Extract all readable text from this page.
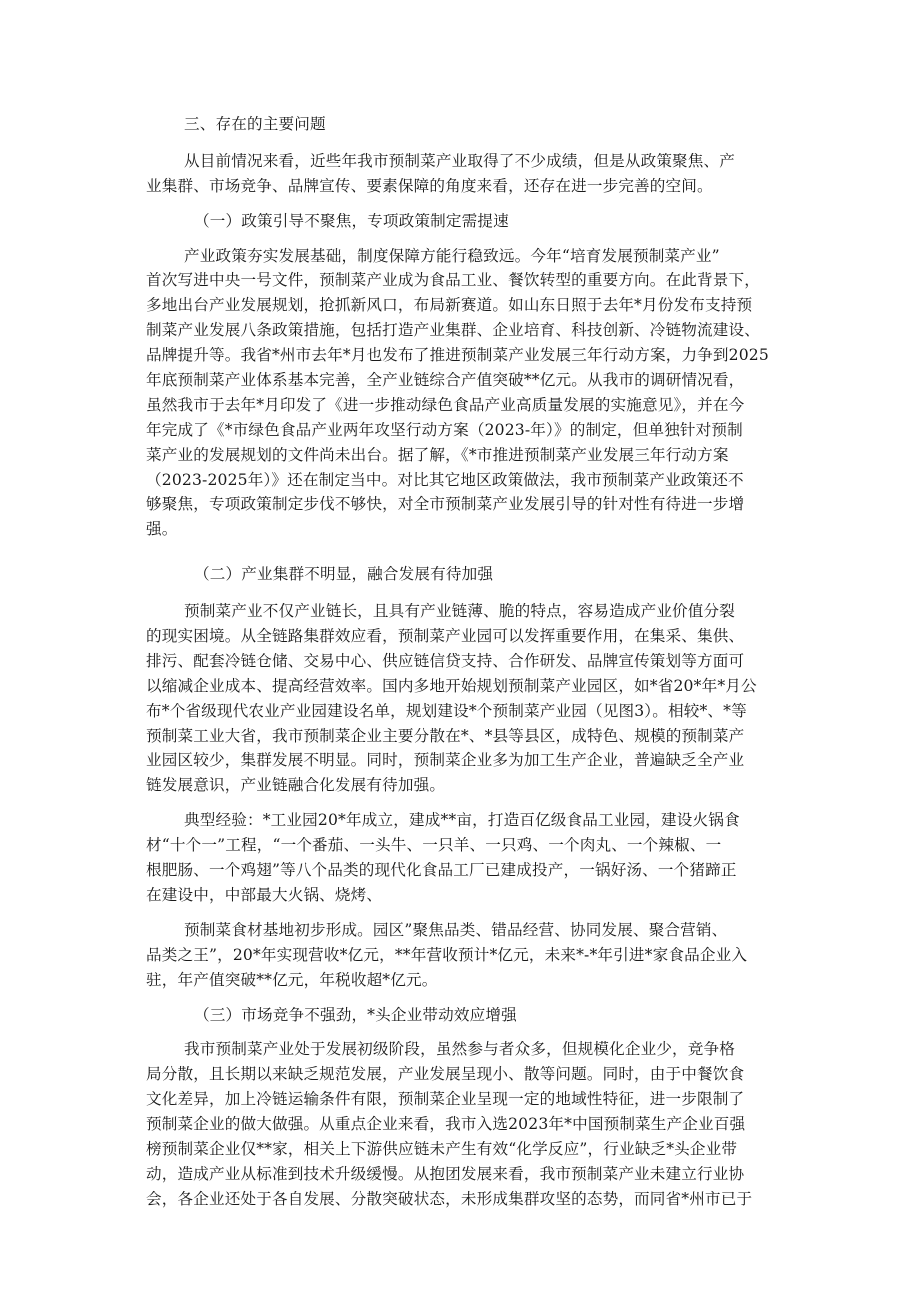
三、存在的主要问题
从目前情况来看，近些年我市预制菜产业取得了不少成绩，但是从政策聚焦、产
业集群、市场竞争、品牌宣传、要素保障的角度来看，还存在进一步完善的空间。
（一）政策引导不聚焦，专项政策制定需提速
产业政策夯实发展基础，制度保障方能行稳致远。今年“培育发展预制菜产业”
首次写进中央一号文件，预制菜产业成为食品工业、餐饮转型的重要方向。在此背景下，
多地出台产业发展规划，抢抓新风口，布局新赛道。如山东日照于去年*月份发布支持预
制菜产业发展八条政策措施，包括打造产业集群、企业培育、科技创新、冷链物流建设、
品牌提升等。我省*州市去年*月也发布了推进预制菜产业发展三年行动方案，力争到2025
年底预制菜产业体系基本完善，全产业链综合产值突破**亿元。从我市的调研情况看，
虽然我市于去年*月印发了《进一步推动绿色食品产业高质量发展的实施意见》，并在今
年完成了《*市绿色食品产业两年攻坚行动方案（2023-年）》的制定，但单独针对预制
菜产业的发展规划的文件尚未出台。据了解，《*市推进预制菜产业发展三年行动方案
（2023-2025年）》还在制定当中。对比其它地区政策做法，我市预制菜产业政策还不
够聚焦，专项政策制定步伐不够快，对全市预制菜产业发展引导的针对性有待进一步增
强。
（二）产业集群不明显，融合发展有待加强
预制菜产业不仅产业链长，且具有产业链薄、脆的特点，容易造成产业价值分裂
的现实困境。从全链路集群效应看，预制菜产业园可以发挥重要作用，在集采、集供、
排污、配套冷链仓储、交易中心、供应链信贷支持、合作研发、品牌宣传策划等方面可
以缩减企业成本、提高经营效率。国内多地开始规划预制菜产业园区，如*省20*年*月公
布*个省级现代农业产业园建设名单，规划建设*个预制菜产业园（见图3）。相较*、*等
预制菜工业大省，我市预制菜企业主要分散在*、*县等县区，成特色、规模的预制菜产
业园区较少，集群发展不明显。同时，预制菜企业多为加工生产企业，普遍缺乏全产业
链发展意识，产业链融合化发展有待加强。
典型经验：*工业园20*年成立，建成**亩，打造百亿级食品工业园，建设火锅食
材“十个一”工程，“一个番茄、一头牛、一只羊、一只鸡、一个肉丸、一个辣椒、一
根肥肠、一个鸡翅”等八个品类的现代化食品工厂已建成投产，一锅好汤、一个猪蹄正
在建设中，中部最大火锅、烧烤、
预制菜食材基地初步形成。园区”聚焦品类、错品经营、协同发展、聚合营销、
品类之王”，20*年实现营收*亿元，**年营收预计*亿元，未来*-*年引进*家食品企业入
驻，年产值突破**亿元，年税收超*亿元。
（三）市场竞争不强劲，*头企业带动效应增强
我市预制菜产业处于发展初级阶段，虽然参与者众多，但规模化企业少，竞争格
局分散，且长期以来缺乏规范发展，产业发展呈现小、散等问题。同时，由于中餐饮食
文化差异，加上冷链运输条件有限，预制菜企业呈现一定的地域性特征，进一步限制了
预制菜企业的做大做强。从重点企业来看，我市入选2023年*中国预制菜生产企业百强
榜预制菜企业仅**家，相关上下游供应链未产生有效“化学反应”，行业缺乏*头企业带
动，造成产业从标准到技术升级缓慢。从抱团发展来看，我市预制菜产业未建立行业协
会，各企业还处于各自发展、分散突破状态，未形成集群攻坚的态势，而同省*州市已于
